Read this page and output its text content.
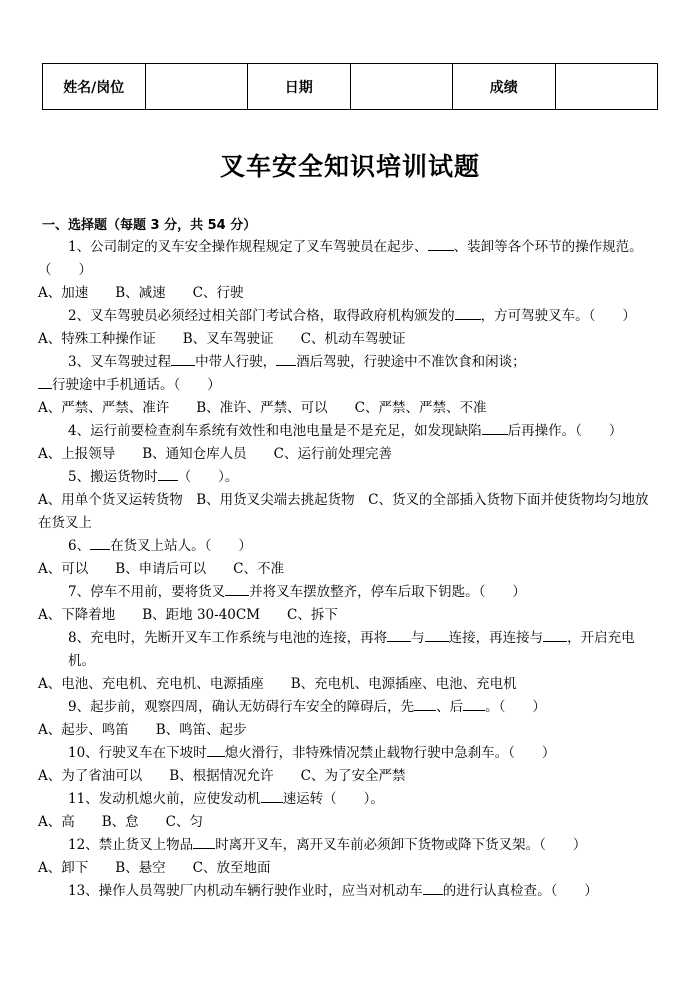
姓名/岗位		日期		成绩	
叉车安全知识培训试题
一、选择题（每题 3 分，共 54 分）
1、公司制定的叉车安全操作规程规定了叉车驾驶员在起步、 、装卸等各个环节的操作规范。
（　　）
A、加速　　B、减速　　C、行驶
2、叉车驾驶员必须经过相关部门考试合格，取得政府机构颁发的 ，方可驾驶叉车。（　　）
A、特殊工种操作证　　B、叉车驾驶证　　C、机动车驾驶证
3、叉车驾驶过程 中带人行驶， 酒后驾驶，行驶途中不准饮食和闲谈；
行驶途中手机通话。（　　）
A、严禁、严禁、准许　　B、准许、严禁、可以　　C、严禁、严禁、不准
4、运行前要检查刹车系统有效性和电池电量是不是充足，如发现缺陷 后再操作。（　　）
A、上报领导　　B、通知仓库人员　　C、运行前处理完善
5、搬运货物时 （　　）。
A、用单个货叉运转货物　B、用货叉尖端去挑起货物　C、货叉的全部插入货物下面并使货物均匀地放在货叉上
6、 在货叉上站人。（　　）
A、可以　　B、申请后可以　　C、不准
7、停车不用前，要将货叉 并将叉车摆放整齐，停车后取下钥匙。（　　）
A、下降着地　　B、距地 30-40CM　　C、拆下
8、充电时，先断开叉车工作系统与电池的连接，再将 与 连接，再连接与 ，开启充电机。
A、电池、充电机、充电机、电源插座　　B、充电机、电源插座、电池、充电机
9、起步前，观察四周，确认无妨碍行车安全的障碍后，先 、后 。（　　）
A、起步、鸣笛　　B、鸣笛、起步
10、行驶叉车在下坡时 熄火滑行，非特殊情况禁止载物行驶中急刹车。（　　）
A、为了省油可以　　B、根据情况允许　　C、为了安全严禁
11、发动机熄火前，应使发动机 速运转（　　）。
A、高　　B、怠　　C、匀
12、禁止货叉上物品 时离开叉车，离开叉车前必须卸下货物或降下货叉架。（　　）
A、卸下　　B、悬空　　C、放至地面
13、操作人员驾驶厂内机动车辆行驶作业时，应当对机动车 的进行认真检查。（　　）
